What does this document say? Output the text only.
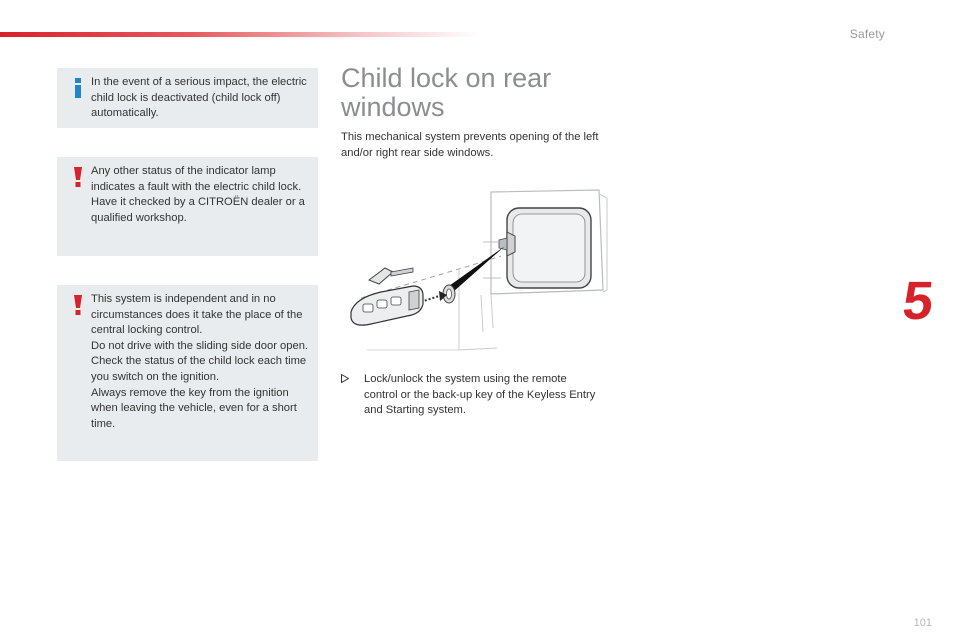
Safety
5
101

In the event of a serious impact, the electric child lock is deactivated (child lock off) automatically.

Any other status of the indicator lamp indicates a fault with the electric child lock.

Have it checked by a CITROËN dealer or a qualified workshop.

This system is independent and in no circumstances does it take the place of the central locking control.

Do not drive with the sliding side door open.

Check the status of the child lock each time you switch on the ignition.

Always remove the key from the ignition when leaving the vehicle, even for a short time.

Child lock on rear windows

This mechanical system prevents opening of the left and/or right rear side windows.

Lock/unlock the system using the remote control or the back-up key of the Keyless Entry and Starting system.
